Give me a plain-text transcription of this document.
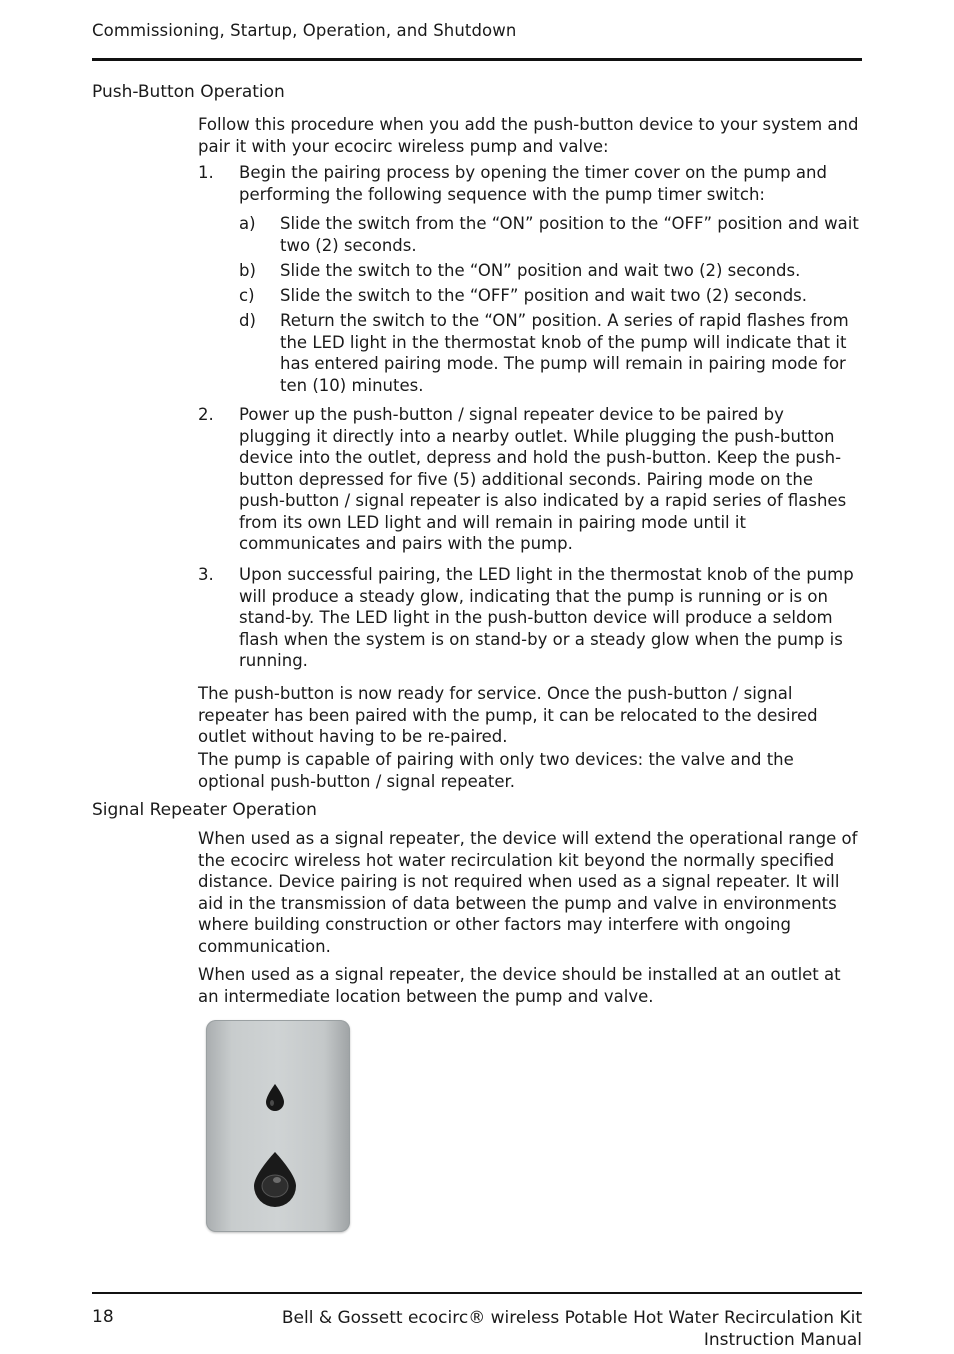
Commissioning, Startup, Operation, and Shutdown
Push-Button Operation
Follow this procedure when you add the push-button device to your system and pair it with your ecocirc wireless pump and valve:
1.	Begin the pairing process by opening the timer cover on the pump and performing the following sequence with the pump timer switch:
a)	Slide the switch from the “ON” position to the “OFF” position and wait two (2) seconds.
b)	Slide the switch to the “ON” position and wait two (2) seconds.
c)	Slide the switch to the “OFF” position and wait two (2) seconds.
d)	Return the switch to the “ON” position. A series of rapid flashes from the LED light in the thermostat knob of the pump will indicate that it has entered pairing mode. The pump will remain in pairing mode for ten (10) minutes.
2.	Power up the push-button / signal repeater device to be paired by plugging it directly into a nearby outlet. While plugging the push-button device into the outlet, depress and hold the push-button. Keep the push-button depressed for five (5) additional seconds. Pairing mode on the push-button / signal repeater is also indicated by a rapid series of flashes from its own LED light and will remain in pairing mode until it communicates and pairs with the pump.
3.	Upon successful pairing, the LED light in the thermostat knob of the pump will produce a steady glow, indicating that the pump is running or is on stand-by. The LED light in the push-button device will produce a seldom flash when the system is on stand-by or a steady glow when the pump is running.
The push-button is now ready for service. Once the push-button / signal repeater has been paired with the pump, it can be relocated to the desired outlet without having to be re-paired.
The pump is capable of pairing with only two devices: the valve and the optional push-button / signal repeater.
Signal Repeater Operation
When used as a signal repeater, the device will extend the operational range of the ecocirc wireless hot water recirculation kit beyond the normally specified distance. Device pairing is not required when used as a signal repeater. It will aid in the transmission of data between the pump and valve in environments where building construction or other factors may interfere with ongoing communication.
When used as a signal repeater, the device should be installed at an outlet at an intermediate location between the pump and valve.
18	Bell & Gossett ecocirc® wireless Potable Hot Water Recirculation Kit Instruction Manual
